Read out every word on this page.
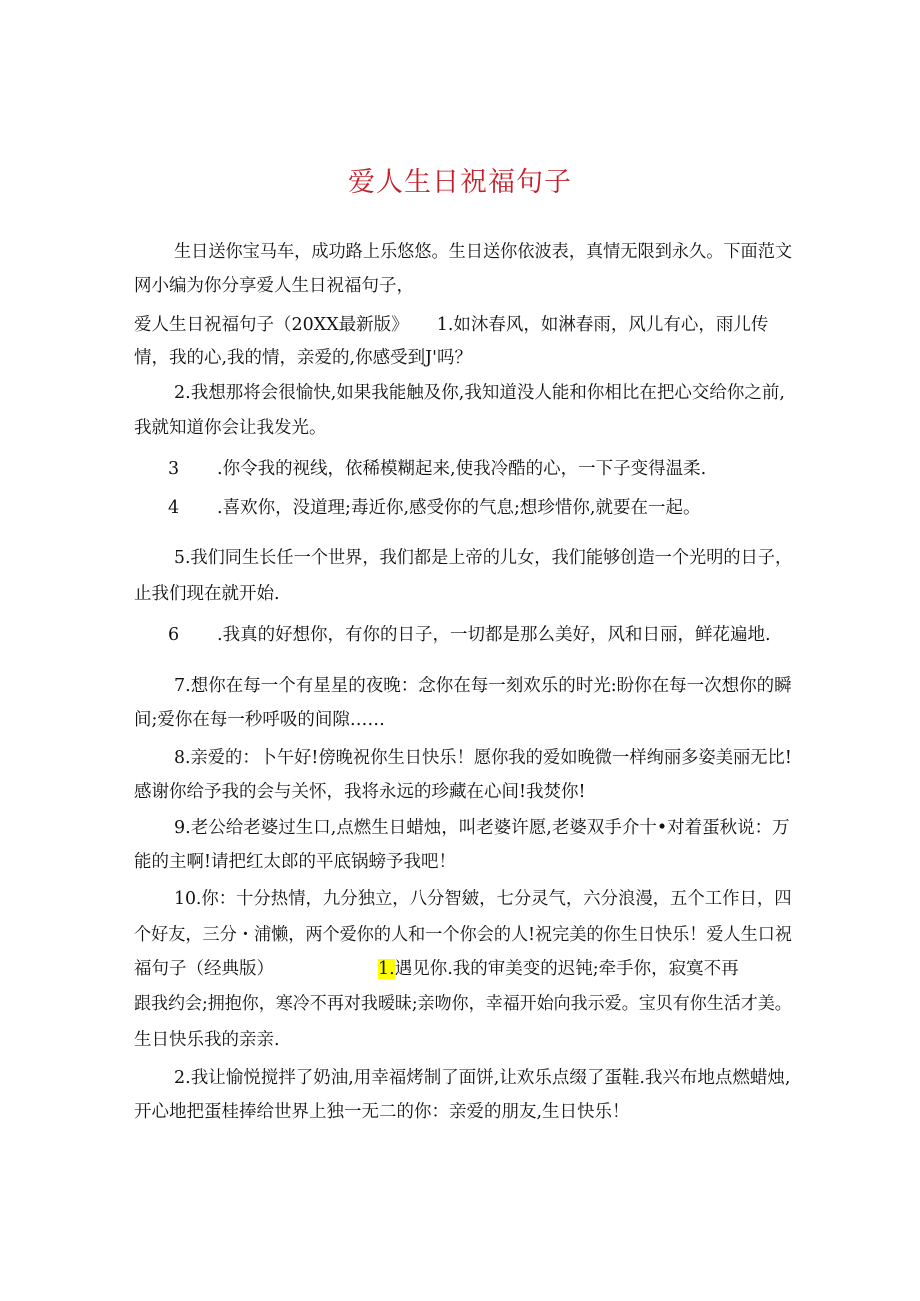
爱人生日祝福句子
生日送你宝马车，成功路上乐悠悠。生日送你依波表，真情无限到永久。下面范文
网小编为你分享爱人生日祝福句子，
爱人生日祝福句子（20XX最新版》 1.如沐春风，如淋春雨，风儿有心，雨儿传
情，我的心,我的情，亲爱的,你感受到J'吗？
2.我想那将会很愉快,如果我能触及你,我知道没人能和你相比在把心交给你之前,
我就知道你会让我发光。
3 .你令我的视线，依稀模糊起来,使我冷酷的心，一下子变得温柔.
4 .喜欢你，没道理;毒近你,感受你的气息;想珍惜你,就要在一起。
5.我们同生长任一个世界，我们都是上帝的儿女，我们能够创造一个光明的日子，
止我们现在就开始.
6 .我真的好想你，有你的日子，一切都是那么美好，风和日丽，鲜花遍地.
7.想你在每一个有星星的夜晚：念你在每一刻欢乐的时光:盼你在每一次想你的瞬
间;爱你在每一秒呼吸的间隙……
8.亲爱的：卜午好!傍晚祝你生日快乐！愿你我的爱如晚微一样绚丽多姿美丽无比!
感谢你给予我的会与关怀，我将永远的珍藏在心间!我焚你!
9.老公给老婆过生口,点燃生日蜡烛，叫老婆许愿,老婆双手介十•对着蛋秋说：万
能的主啊!请把红太郎的平底锅螃予我吧！
10.你：十分热情，九分独立，八分智皴，七分灵气，六分浪漫，五个工作日，四
个好友，三分・浦懒，两个爱你的人和一个你会的人!祝完美的你生日快乐！爱人生口祝
福句子（经典版）	1.遇见你.我的审美变的迟钝;牵手你，寂寞不再
跟我约会;拥抱你，寒冷不再对我暧昧;亲吻你，幸福开始向我示爱。宝贝有你生活才美。
生日快乐我的亲亲.
2.我让愉悦搅拌了奶油,用幸福烤制了面饼,让欢乐点缀了蛋鞋.我兴布地点燃蜡烛,
开心地把蛋桂捧给世界上独一无二的你：亲爱的朋友,生日快乐！
